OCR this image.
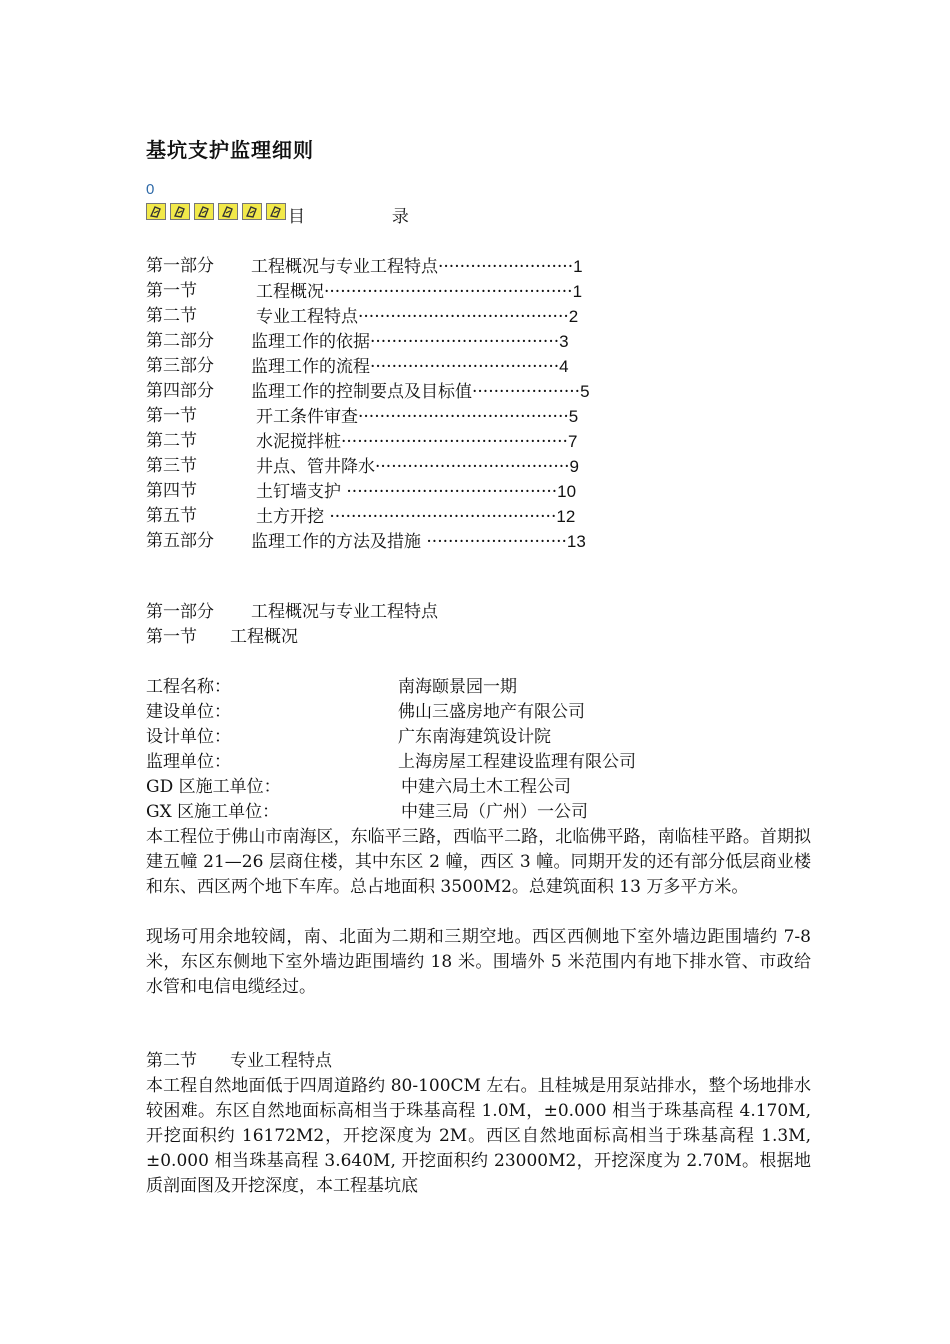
基坑支护监理细则
0
目	录
第一部分 工程概况与专业工程特点·························1
第一节	工程概况··············································1
第二节	专业工程特点·······································2
第二部分 监理工作的依据···································3
第三部分 监理工作的流程···································4
第四部分 监理工作的控制要点及目标值····················5
第一节	开工条件审查·······································5
第二节	水泥搅拌桩··········································7
第三节	井点、管井降水····································9
第四节	土钉墙支护 ·······································10
第五节	土方开挖 ··········································12
第五部分 监理工作的方法及措施 ··························13
第一部分 工程概况与专业工程特点
第一节 工程概况
工程名称：	南海颐景园一期
建设单位：	佛山三盛房地产有限公司
设计单位：	广东南海建筑设计院
监理单位：	上海房屋工程建设监理有限公司
GD 区施工单位：	中建六局土木工程公司
GX 区施工单位：	中建三局（广州）一公司
本工程位于佛山市南海区，东临平三路，西临平二路，北临佛平路，南临桂平路。首期拟建五幢 21—26 层商住楼，其中东区 2 幢，西区 3 幢。同期开发的还有部分低层商业楼和东、西区两个地下车库。总占地面积 3500M2。总建筑面积 13 万多平方米。
现场可用余地较阔，南、北面为二期和三期空地。西区西侧地下室外墙边距围墙约 7-8 米，东区东侧地下室外墙边距围墙约 18 米。围墙外 5 米范围内有地下排水管、市政给水管和电信电缆经过。
第二节 专业工程特点
本工程自然地面低于四周道路约 80-100CM 左右。且桂城是用泵站排水，整个场地排水较困难。东区自然地面标高相当于珠基高程 1.0M，±0.000 相当于珠基高程 4.170M, 开挖面积约 16172M2，开挖深度为 2M。西区自然地面标高相当于珠基高程 1.3M, ±0.000 相当珠基高程 3.640M, 开挖面积约 23000M2，开挖深度为 2.70M。根据地质剖面图及开挖深度，本工程基坑底
